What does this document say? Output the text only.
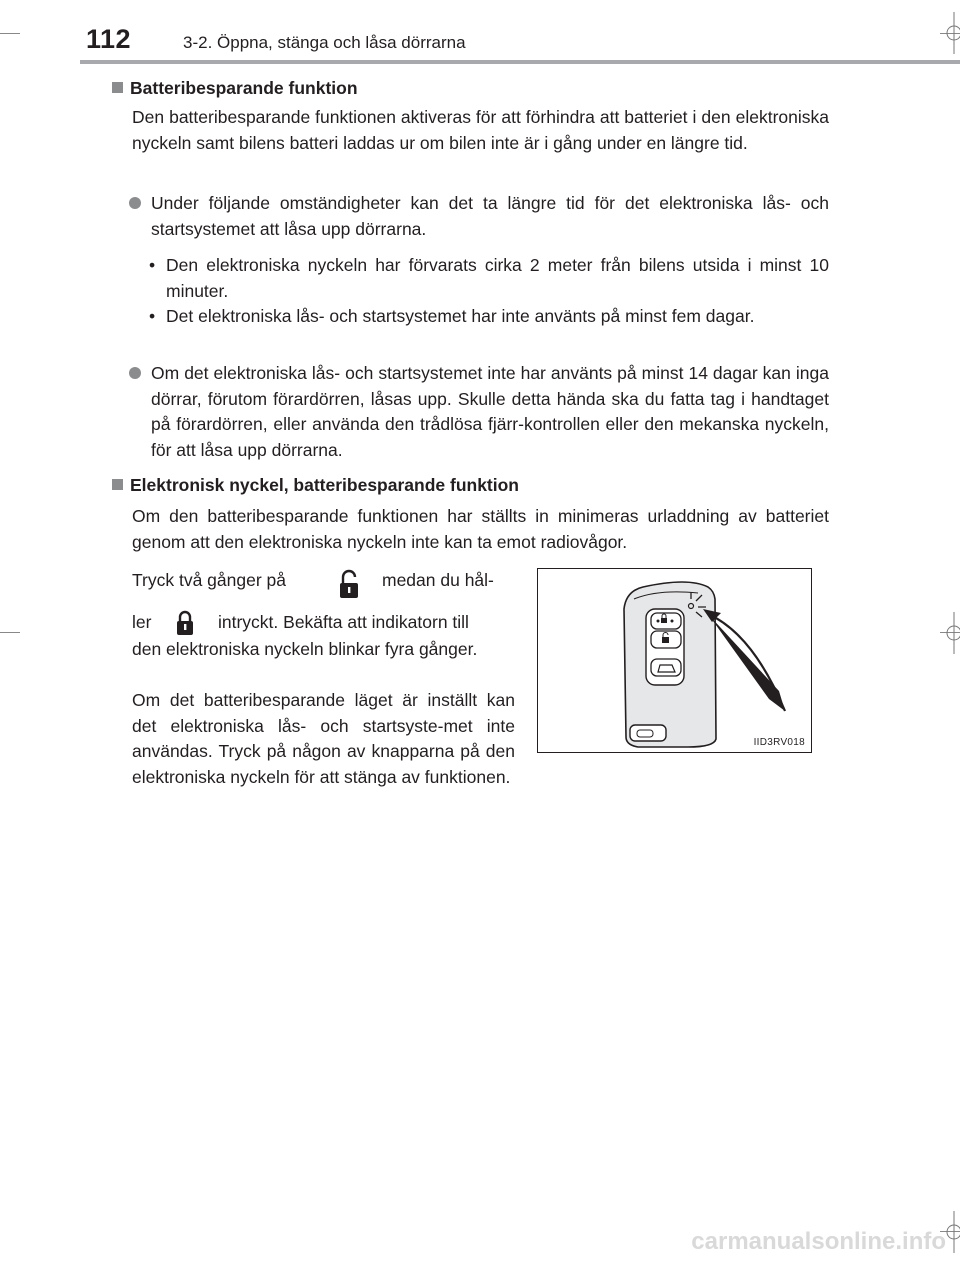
112	3-2. Öppna, stänga och låsa dörrarna
Batteribesparande funktion
Den batteribesparande funktionen aktiveras för att förhindra att batteriet i den elektroniska nyckeln samt bilens batteri laddas ur om bilen inte är i gång under en längre tid.
Under följande omständigheter kan det ta längre tid för det elektroniska lås- och startsystemet att låsa upp dörrarna.
• Den elektroniska nyckeln har förvarats cirka 2 meter från bilens utsida i minst 10 minuter.
• Det elektroniska lås- och startsystemet har inte använts på minst fem dagar.
Om det elektroniska lås- och startsystemet inte har använts på minst 14 dagar kan inga dörrar, förutom förardörren, låsas upp. Skulle detta hända ska du fatta tag i handtaget på förardörren, eller använda den trådlösa fjärr-kontrollen eller den mekanska nyckeln, för att låsa upp dörrarna.
Elektronisk nyckel, batteribesparande funktion
Om den batteribesparande funktionen har ställts in minimeras urladdning av batteriet genom att den elektroniska nyckeln inte kan ta emot radiovågor.
Tryck två gånger på	medan du hål-
ler	intryckt. Bekäfta att indikatorn till
den elektroniska nyckeln blinkar fyra gånger.
Om det batteribesparande läget är inställt kan det elektroniska lås- och startsyste-met inte användas. Tryck på någon av knapparna på den elektroniska nyckeln för att stänga av funktionen.
IID3RV018
carmanualsonline.info
